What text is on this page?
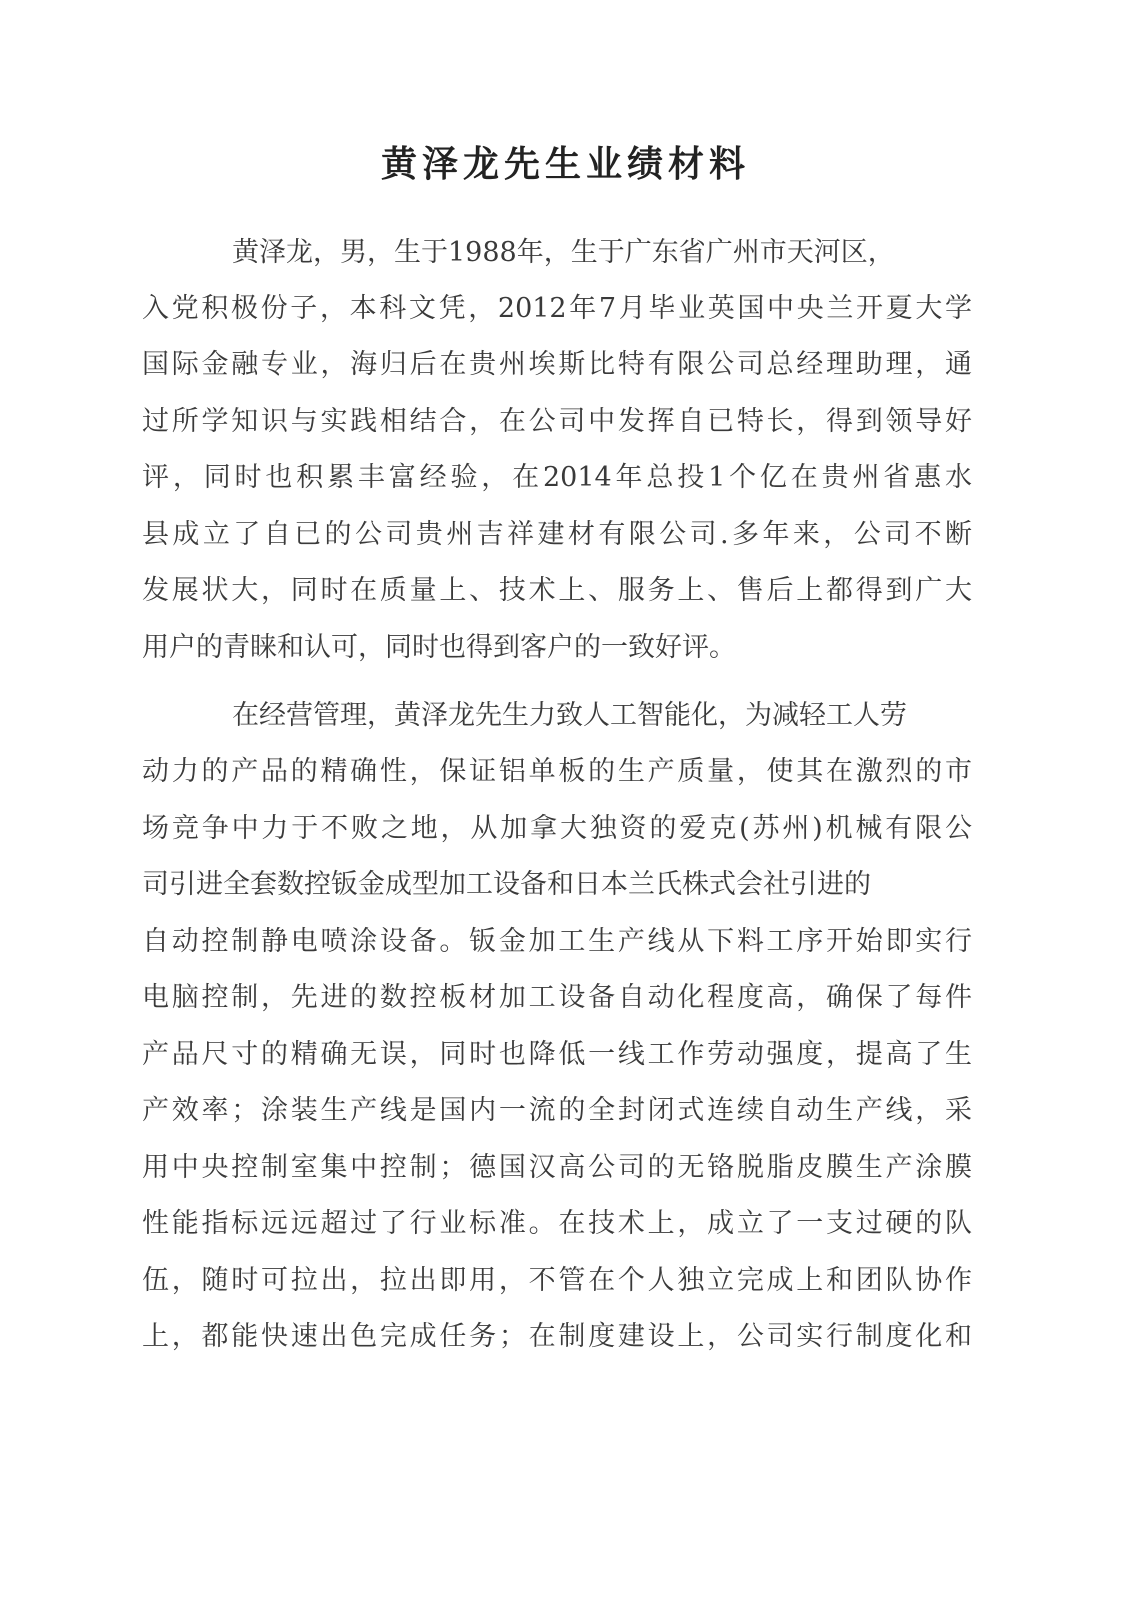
黄泽龙先生业绩材料
黄泽龙，男，生于1988年，生于广东省广州市天河区，
入党积极份子，本科文凭，2012年7月毕业英国中央兰开夏大学
国际金融专业，海归后在贵州埃斯比特有限公司总经理助理，通
过所学知识与实践相结合，在公司中发挥自已特长，得到领导好
评，同时也积累丰富经验，在2014年总投1个亿在贵州省惠水
县成立了自已的公司贵州吉祥建材有限公司.多年来，公司不断
发展状大，同时在质量上、技术上、服务上、售后上都得到广大
用户的青睐和认可，同时也得到客户的一致好评。
在经营管理，黄泽龙先生力致人工智能化，为减轻工人劳
动力的产品的精确性，保证铝单板的生产质量，使其在激烈的市
场竞争中力于不败之地，从加拿大独资的爱克(苏州)机械有限公
司引进全套数控钣金成型加工设备和日本兰氏株式会社引进的
自动控制静电喷涂设备。钣金加工生产线从下料工序开始即实行
电脑控制，先进的数控板材加工设备自动化程度高，确保了每件
产品尺寸的精确无误，同时也降低一线工作劳动强度，提高了生
产效率；涂装生产线是国内一流的全封闭式连续自动生产线，采
用中央控制室集中控制；德国汉高公司的无铬脱脂皮膜生产涂膜
性能指标远远超过了行业标准。在技术上，成立了一支过硬的队
伍，随时可拉出，拉出即用，不管在个人独立完成上和团队协作
上，都能快速出色完成任务；在制度建设上，公司实行制度化和
